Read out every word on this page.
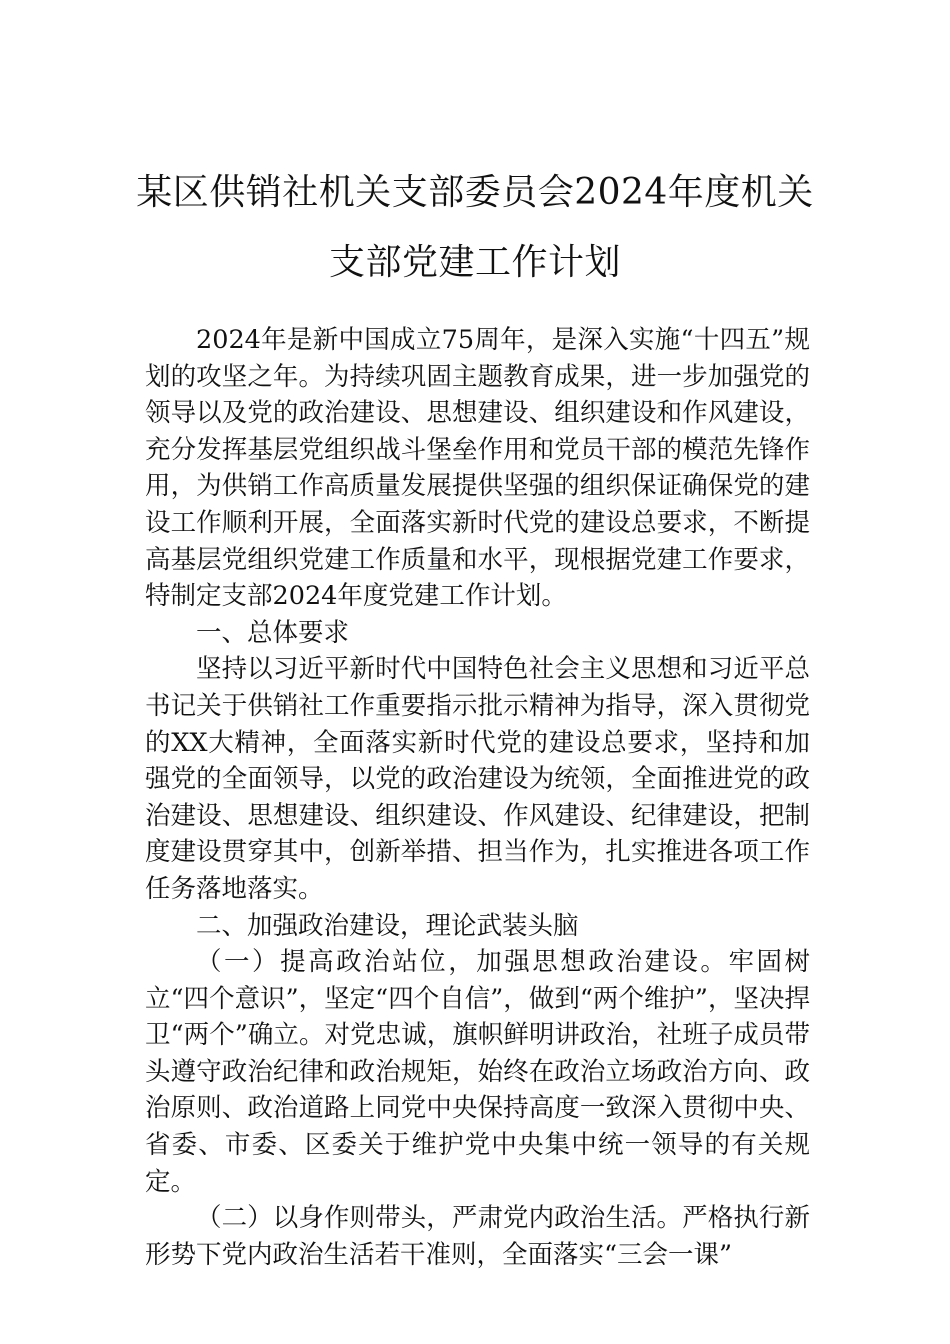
某区供销社机关支部委员会2024年度机关
支部党建工作计划

2024年是新中国成立75周年，是深入实施“十四五”规划的攻坚之年。为持续巩固主题教育成果，进一步加强党的领导以及党的政治建设、思想建设、组织建设和作风建设，充分发挥基层党组织战斗堡垒作用和党员干部的模范先锋作用，为供销工作高质量发展提供坚强的组织保证确保党的建设工作顺利开展，全面落实新时代党的建设总要求，不断提高基层党组织党建工作质量和水平，现根据党建工作要求，特制定支部2024年度党建工作计划。

一、总体要求

坚持以习近平新时代中国特色社会主义思想和习近平总书记关于供销社工作重要指示批示精神为指导，深入贯彻党的XX大精神，全面落实新时代党的建设总要求，坚持和加强党的全面领导，以党的政治建设为统领，全面推进党的政治建设、思想建设、组织建设、作风建设、纪律建设，把制度建设贯穿其中，创新举措、担当作为，扎实推进各项工作任务落地落实。

二、加强政治建设，理论武装头脑

（一）提高政治站位，加强思想政治建设。牢固树立“四个意识”，坚定“四个自信”，做到“两个维护”，坚决捍卫“两个”确立。对党忠诚，旗帜鲜明讲政治，社班子成员带头遵守政治纪律和政治规矩，始终在政治立场政治方向、政治原则、政治道路上同党中央保持高度一致深入贯彻中央、省委、市委、区委关于维护党中央集中统一领导的有关规定。

（二）以身作则带头，严肃党内政治生活。严格执行新形势下党内政治生活若干准则，全面落实“三会一课”
